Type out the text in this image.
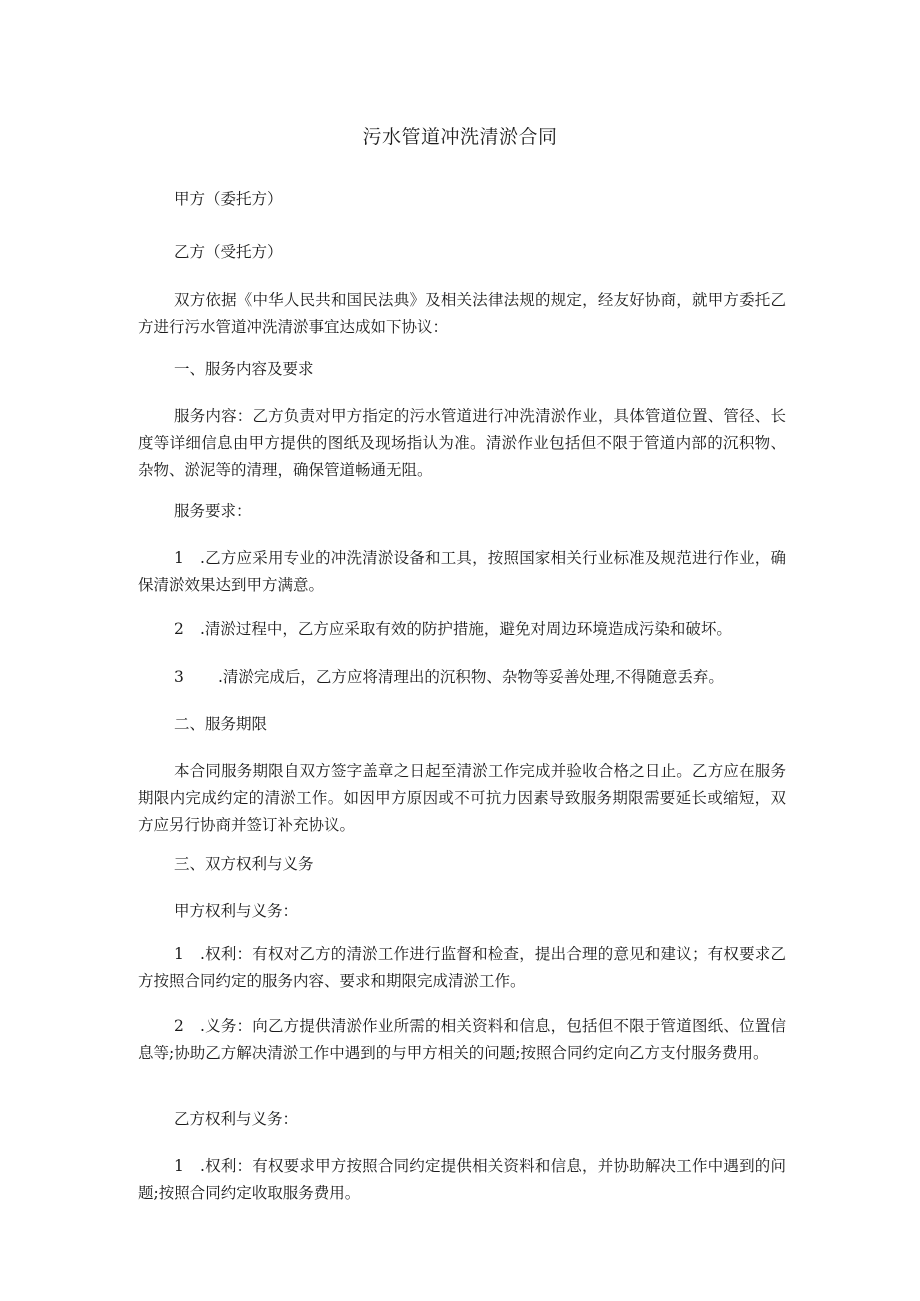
污水管道冲洗清淤合同

甲方（委托方）

乙方（受托方）

双方依据《中华人民共和国民法典》及相关法律法规的规定，经友好协商，就甲方委托乙方进行污水管道冲洗清淤事宜达成如下协议：

一、服务内容及要求

服务内容：乙方负责对甲方指定的污水管道进行冲洗清淤作业，具体管道位置、管径、长度等详细信息由甲方提供的图纸及现场指认为准。清淤作业包括但不限于管道内部的沉积物、杂物、淤泥等的清理，确保管道畅通无阻。

服务要求：

1 .乙方应采用专业的冲洗清淤设备和工具，按照国家相关行业标准及规范进行作业，确保清淤效果达到甲方满意。

2 .清淤过程中，乙方应采取有效的防护措施，避免对周边环境造成污染和破坏。

3 .清淤完成后，乙方应将清理出的沉积物、杂物等妥善处理,不得随意丢弃。

二、服务期限

本合同服务期限自双方签字盖章之日起至清淤工作完成并验收合格之日止。乙方应在服务期限内完成约定的清淤工作。如因甲方原因或不可抗力因素导致服务期限需要延长或缩短，双方应另行协商并签订补充协议。

三、双方权利与义务

甲方权利与义务：

1 .权利：有权对乙方的清淤工作进行监督和检查，提出合理的意见和建议；有权要求乙方按照合同约定的服务内容、要求和期限完成清淤工作。

2 .义务：向乙方提供清淤作业所需的相关资料和信息，包括但不限于管道图纸、位置信息等;协助乙方解决清淤工作中遇到的与甲方相关的问题;按照合同约定向乙方支付服务费用。

乙方权利与义务：

1 .权利：有权要求甲方按照合同约定提供相关资料和信息，并协助解决工作中遇到的问题;按照合同约定收取服务费用。
